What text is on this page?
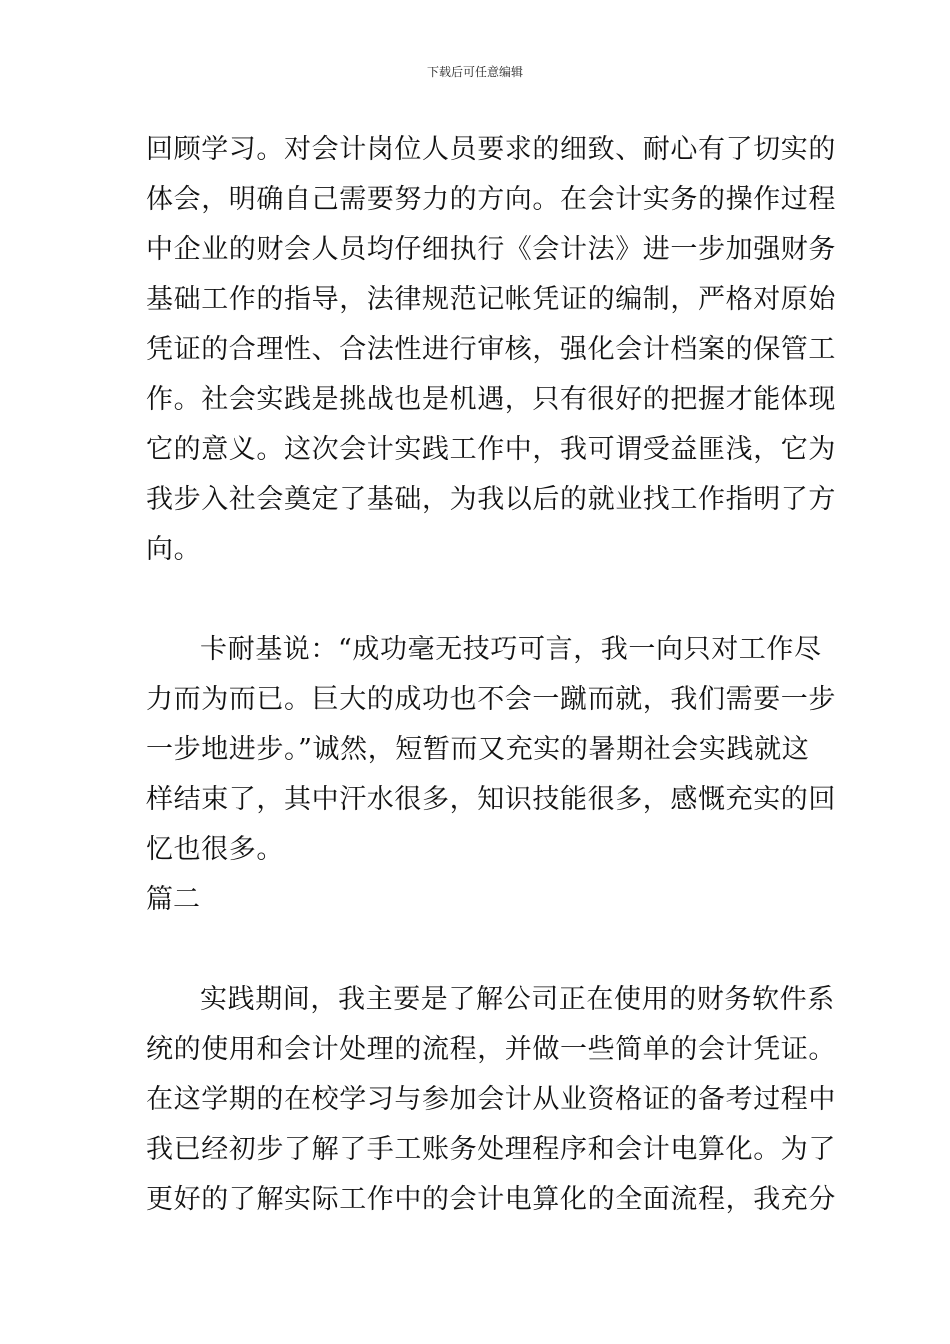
下载后可任意编辑
回顾学习。对会计岗位人员要求的细致、耐心有了切实的
体会，明确自己需要努力的方向。在会计实务的操作过程
中企业的财会人员均仔细执行《会计法》进一步加强财务
基础工作的指导，法律规范记帐凭证的编制，严格对原始
凭证的合理性、合法性进行审核，强化会计档案的保管工
作。社会实践是挑战也是机遇，只有很好的把握才能体现
它的意义。这次会计实践工作中，我可谓受益匪浅，它为
我步入社会奠定了基础，为我以后的就业找工作指明了方
向。
卡耐基说：“成功毫无技巧可言，我一向只对工作尽
力而为而已。巨大的成功也不会一蹴而就，我们需要一步
一步地进步。”诚然，短暂而又充实的暑期社会实践就这
样结束了，其中汗水很多，知识技能很多，感慨充实的回
忆也很多。
篇二
实践期间，我主要是了解公司正在使用的财务软件系
统的使用和会计处理的流程，并做一些简单的会计凭证。
在这学期的在校学习与参加会计从业资格证的备考过程中
我已经初步了解了手工账务处理程序和会计电算化。为了
更好的了解实际工作中的会计电算化的全面流程，我充分
